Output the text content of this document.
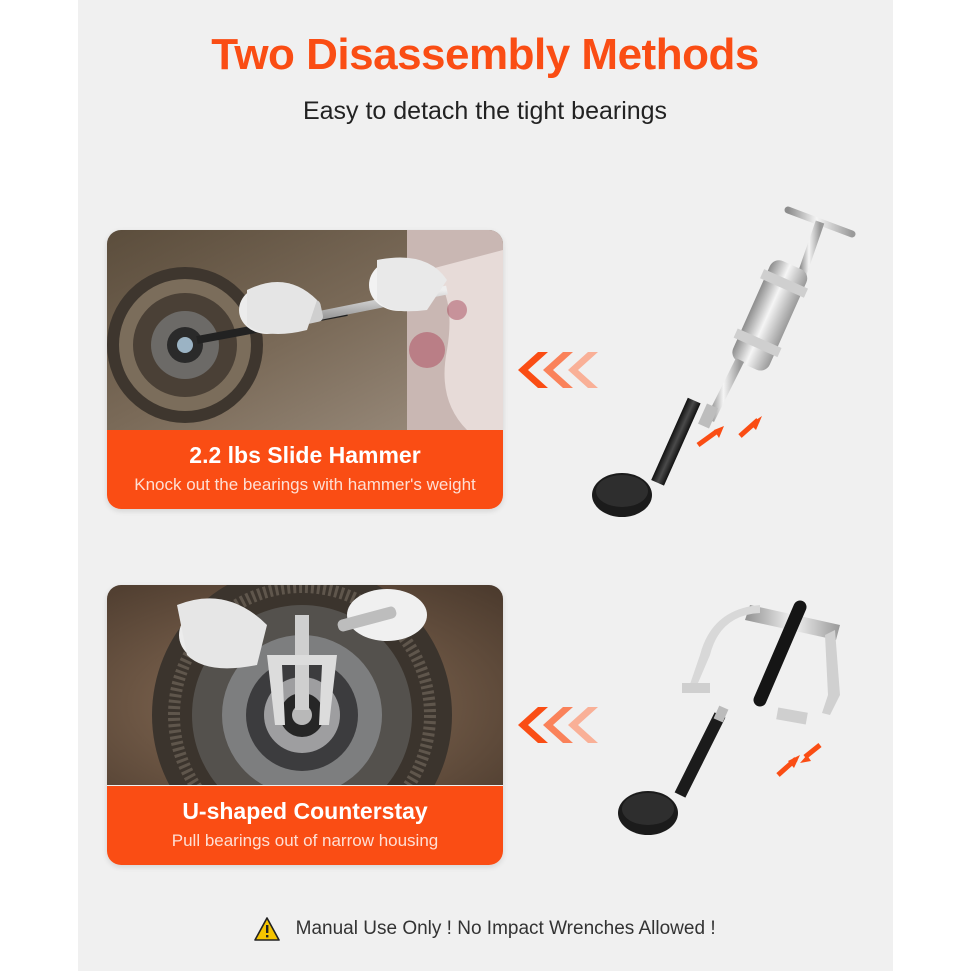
Two Disassembly Methods
Easy to detach the tight bearings
2.2 lbs Slide Hammer
Knock out the bearings with hammer's weight
U-shaped Counterstay
Pull bearings out of narrow housing
Manual Use Only ! No Impact Wrenches Allowed !
